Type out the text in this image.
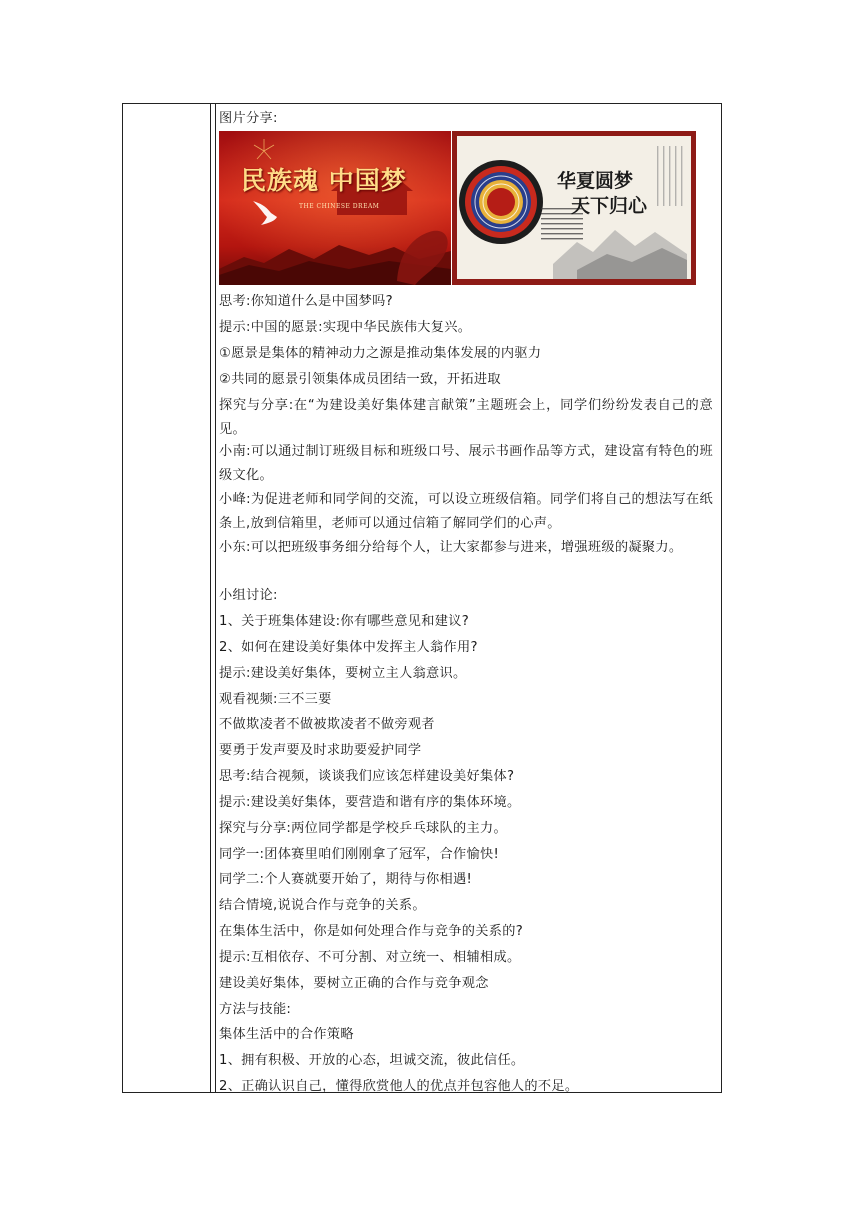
图片分享:
民族魂 中国梦
THE CHINESE DREAM
华夏圆梦
天下归心
思考:你知道什么是中国梦吗?
提示:中国的愿景:实现中华民族伟大复兴。
①愿景是集体的精神动力之源是推动集体发展的内驱力
②共同的愿景引领集体成员团结一致，开拓进取
探究与分享:在“为建设美好集体建言献策”主题班会上，同学们纷纷发表自己的意见。
小南:可以通过制订班级目标和班级口号、展示书画作品等方式，建设富有特色的班级文化。
小峰:为促进老师和同学间的交流，可以设立班级信箱。同学们将自己的想法写在纸条上,放到信箱里，老师可以通过信箱了解同学们的心声。
小东:可以把班级事务细分给每个人，让大家都参与进来，增强班级的凝聚力。
小组讨论:
1、关于班集体建设:你有哪些意见和建议?
2、如何在建设美好集体中发挥主人翁作用?
提示:建设美好集体，要树立主人翁意识。
观看视频:三不三要
不做欺凌者不做被欺凌者不做旁观者
要勇于发声要及时求助要爱护同学
思考:结合视频，谈谈我们应该怎样建设美好集体?
提示:建设美好集体，要营造和谐有序的集体环境。
探究与分享:两位同学都是学校乒乓球队的主力。
同学一:团体赛里咱们刚刚拿了冠军，合作愉快!
同学二:个人赛就要开始了，期待与你相遇!
结合情境,说说合作与竞争的关系。
在集体生活中，你是如何处理合作与竞争的关系的?
提示:互相依存、不可分割、对立统一、相辅相成。
建设美好集体，要树立正确的合作与竞争观念
方法与技能:
集体生活中的合作策略
1、拥有积极、开放的心态，坦诚交流，彼此信任。
2、正确认识自己，懂得欣赏他人的优点并包容他人的不足。
